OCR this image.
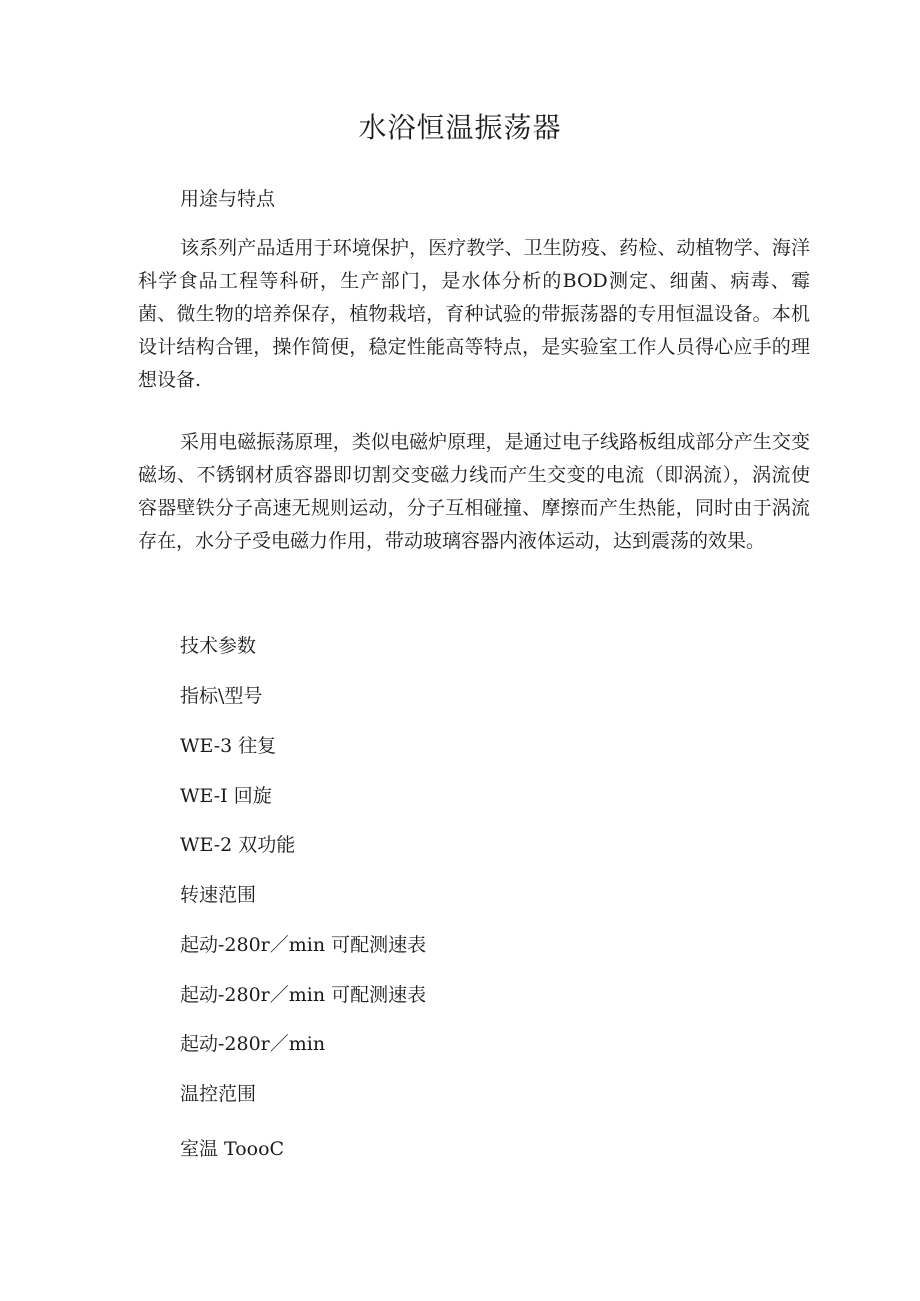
水浴恒温振荡器

用途与特点

该系列产品适用于环境保护，医疗教学、卫生防疫、药检、动植物学、海洋科学食品工程等科研，生产部门，是水体分析的BOD测定、细菌、病毒、霉菌、微生物的培养保存，植物栽培，育种试验的带振荡器的专用恒温设备。本机设计结构合锂，操作简便，稳定性能高等特点，是实验室工作人员得心应手的理想设备.

采用电磁振荡原理，类似电磁炉原理，是通过电子线路板组成部分产生交变磁场、不锈钢材质容器即切割交变磁力线而产生交变的电流（即涡流），涡流使容器壁铁分子高速无规则运动，分子互相碰撞、摩擦而产生热能，同时由于涡流存在，水分子受电磁力作用，带动玻璃容器内液体运动，达到震荡的效果。

技术参数

指标\型号

WE-3 往复

WE-I 回旋

WE-2 双功能

转速范围

起动-280r／min 可配测速表

起动-280r／min 可配测速表

起动-280r／min

温控范围

室温 ToooC
